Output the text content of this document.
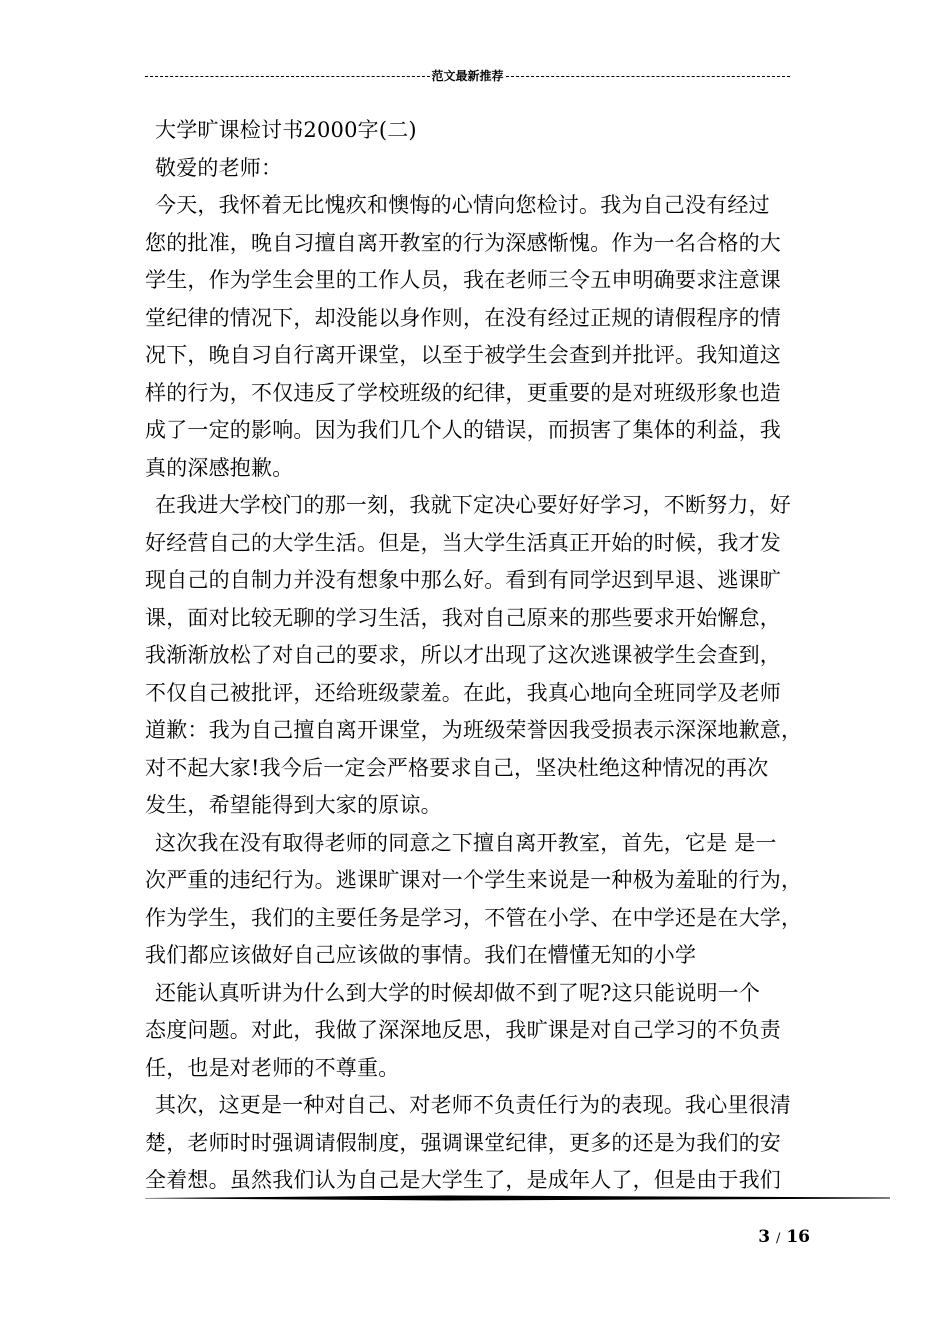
范文最新推荐
大学旷课检讨书2000字(二)
敬爱的老师：
今天，我怀着无比愧疚和懊悔的心情向您检讨。我为自己没有经过
您的批准，晚自习擅自离开教室的行为深感惭愧。作为一名合格的大
学生，作为学生会里的工作人员，我在老师三令五申明确要求注意课
堂纪律的情况下，却没能以身作则，在没有经过正规的请假程序的情
况下，晚自习自行离开课堂，以至于被学生会查到并批评。我知道这
样的行为，不仅违反了学校班级的纪律，更重要的是对班级形象也造
成了一定的影响。因为我们几个人的错误，而损害了集体的利益，我
真的深感抱歉。
在我进大学校门的那一刻，我就下定决心要好好学习，不断努力，好
好经营自己的大学生活。但是，当大学生活真正开始的时候，我才发
现自己的自制力并没有想象中那么好。看到有同学迟到早退、逃课旷
课，面对比较无聊的学习生活，我对自己原来的那些要求开始懈怠，
我渐渐放松了对自己的要求，所以才出现了这次逃课被学生会查到，
不仅自己被批评，还给班级蒙羞。在此，我真心地向全班同学及老师
道歉：我为自己擅自离开课堂，为班级荣誉因我受损表示深深地歉意，
对不起大家!我今后一定会严格要求自己，坚决杜绝这种情况的再次
发生，希望能得到大家的原谅。
这次我在没有取得老师的同意之下擅自离开教室，首先，它是 是一
次严重的违纪行为。逃课旷课对一个学生来说是一种极为羞耻的行为，
作为学生，我们的主要任务是学习，不管在小学、在中学还是在大学，
我们都应该做好自己应该做的事情。我们在懵懂无知的小学
还能认真听讲为什么到大学的时候却做不到了呢?这只能说明一个
态度问题。对此，我做了深深地反思，我旷课是对自己学习的不负责
任，也是对老师的不尊重。
其次，这更是一种对自己、对老师不负责任行为的表现。我心里很清
楚，老师时时强调请假制度，强调课堂纪律，更多的还是为我们的安
全着想。虽然我们认为自己是大学生了，是成年人了，但是由于我们
3 / 16
